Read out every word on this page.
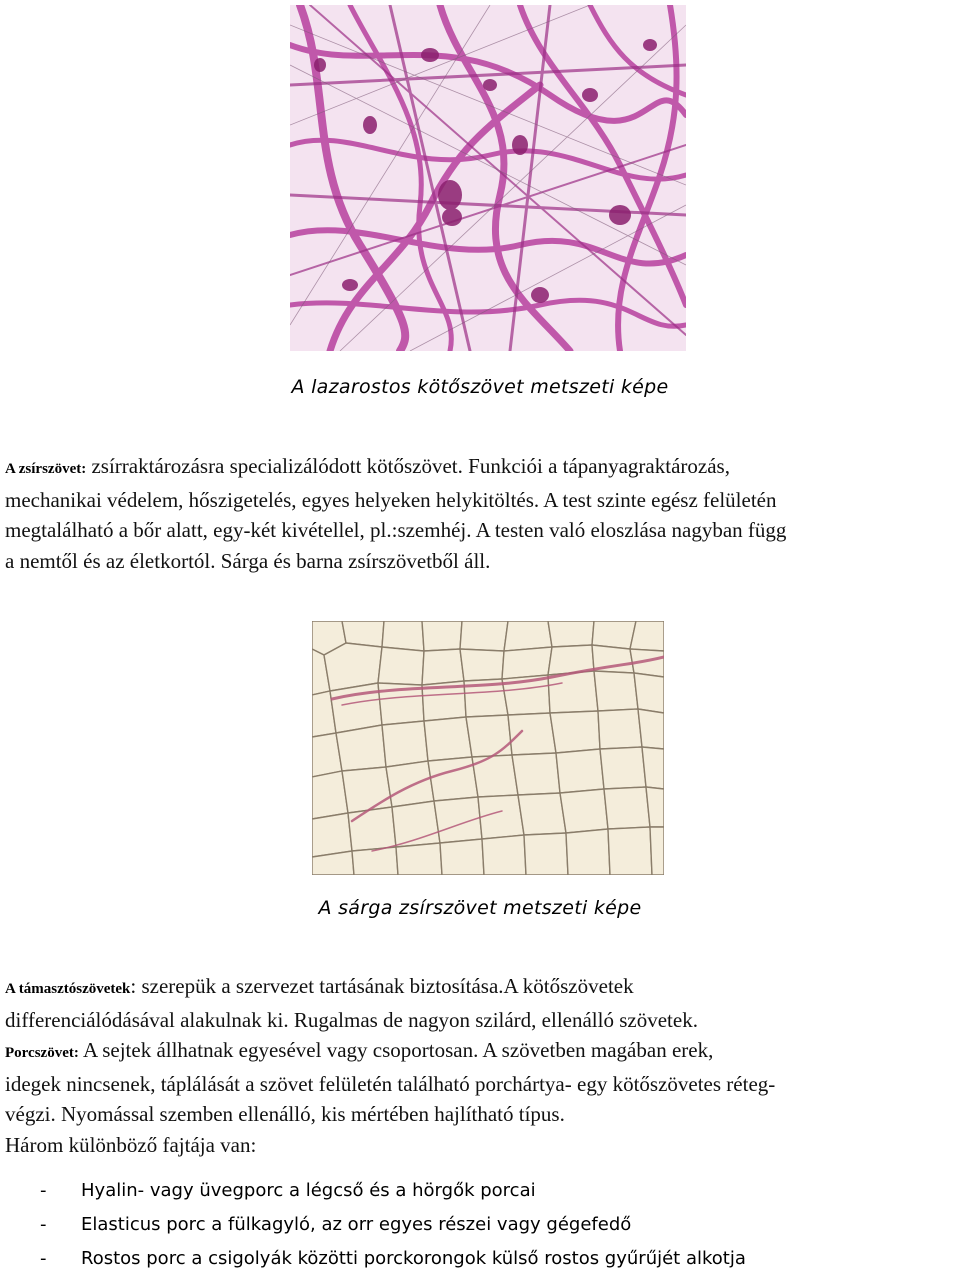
A lazarostos kötőszövet metszeti képe
A zsírszövet: zsírraktározásra specializálódott kötőszövet. Funkciói a tápanyagraktározás,
mechanikai védelem, hőszigetelés, egyes helyeken helykitöltés. A test szinte egész felületén
megtalálható a bőr alatt, egy-két kivétellel, pl.:szemhéj. A testen való eloszlása nagyban függ
a nemtől és az életkortól. Sárga és barna zsírszövetből áll.
A sárga zsírszövet metszeti képe
A támasztószövetek: szerepük a szervezet tartásának biztosítása.A kötőszövetek
differenciálódásával alakulnak ki. Rugalmas de nagyon szilárd, ellenálló szövetek.
Porcszövet: A sejtek állhatnak egyesével vagy csoportosan. A szövetben magában erek,
idegek nincsenek, táplálását a szövet felületén található porchártya- egy kötőszövetes réteg-
végzi. Nyomással szemben ellenálló, kis mértében hajlítható típus.
Három különböző fajtája van:
- Hyalin- vagy üvegporc a légcső és a hörgők porcai
- Elasticus porc a fülkagyló, az orr egyes részei vagy gégefedő
- Rostos porc a csigolyák közötti porckorongok külső rostos gyűrűjét alkotja
